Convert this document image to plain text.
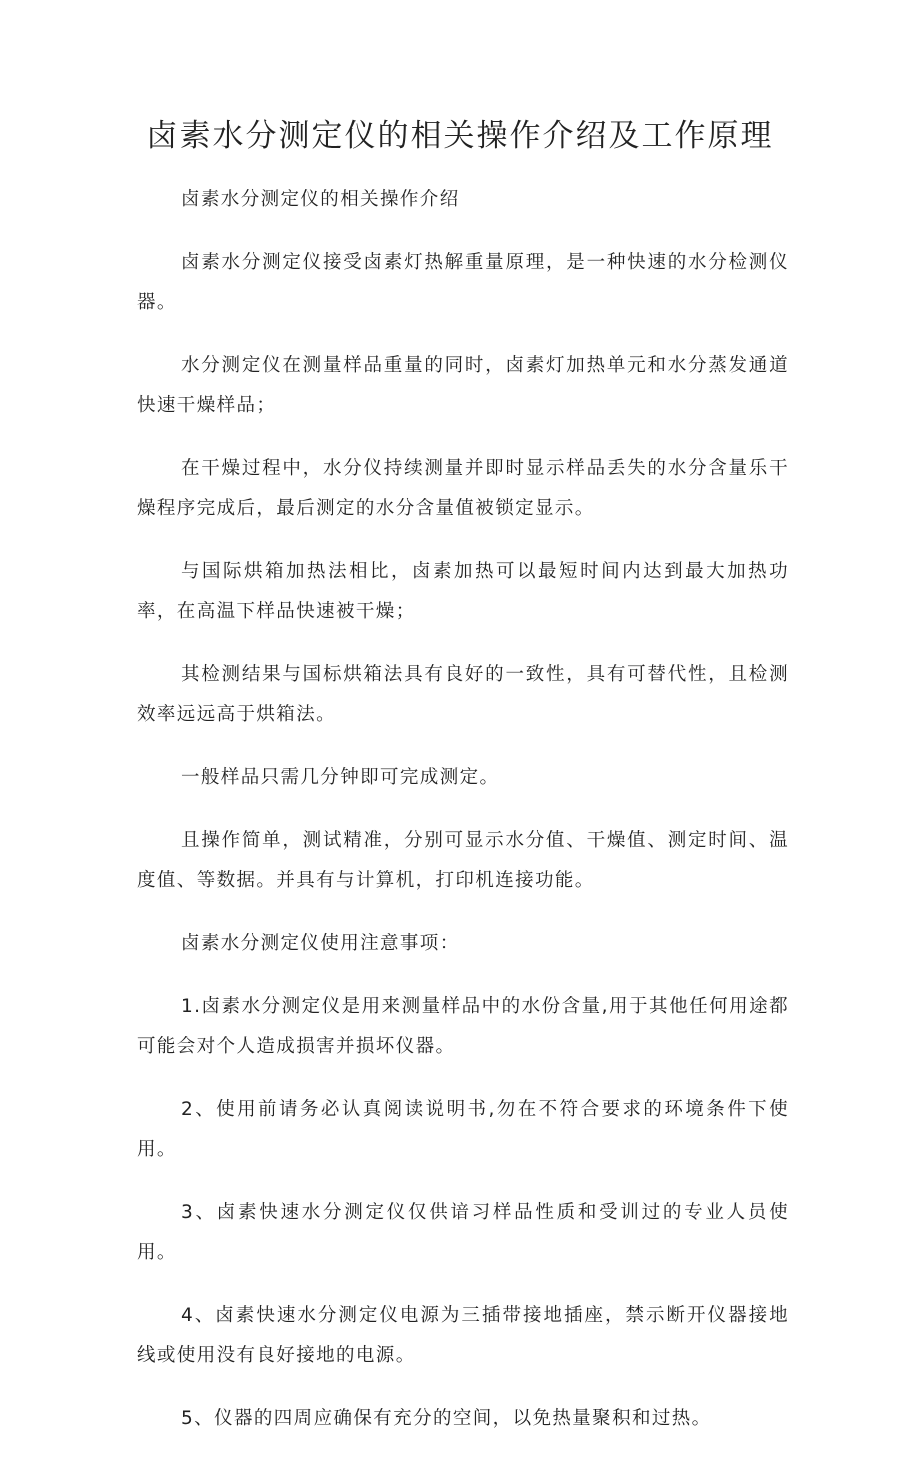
卤素水分测定仪的相关操作介绍及工作原理

卤素水分测定仪的相关操作介绍

卤素水分测定仪接受卤素灯热解重量原理，是一种快速的水分检测仪器。

水分测定仪在测量样品重量的同时，卤素灯加热单元和水分蒸发通道快速干燥样品；

在干燥过程中，水分仪持续测量并即时显示样品丢失的水分含量乐干燥程序完成后，最后测定的水分含量值被锁定显示。

与国际烘箱加热法相比，卤素加热可以最短时间内达到最大加热功率，在高温下样品快速被干燥；

其检测结果与国标烘箱法具有良好的一致性，具有可替代性，且检测效率远远高于烘箱法。

一般样品只需几分钟即可完成测定。

且操作简单，测试精准，分别可显示水分值、干燥值、测定时间、温度值、等数据。并具有与计算机，打印机连接功能。

卤素水分测定仪使用注意事项：

1.卤素水分测定仪是用来测量样品中的水份含量,用于其他任何用途都可能会对个人造成损害并损坏仪器。

2、使用前请务必认真阅读说明书,勿在不符合要求的环境条件下使用。

3、卤素快速水分测定仪仅供谙习样品性质和受训过的专业人员使用。

4、卤素快速水分测定仪电源为三插带接地插座，禁示断开仪器接地线或使用没有良好接地的电源。

5、仪器的四周应确保有充分的空间，以免热量聚积和过热。
